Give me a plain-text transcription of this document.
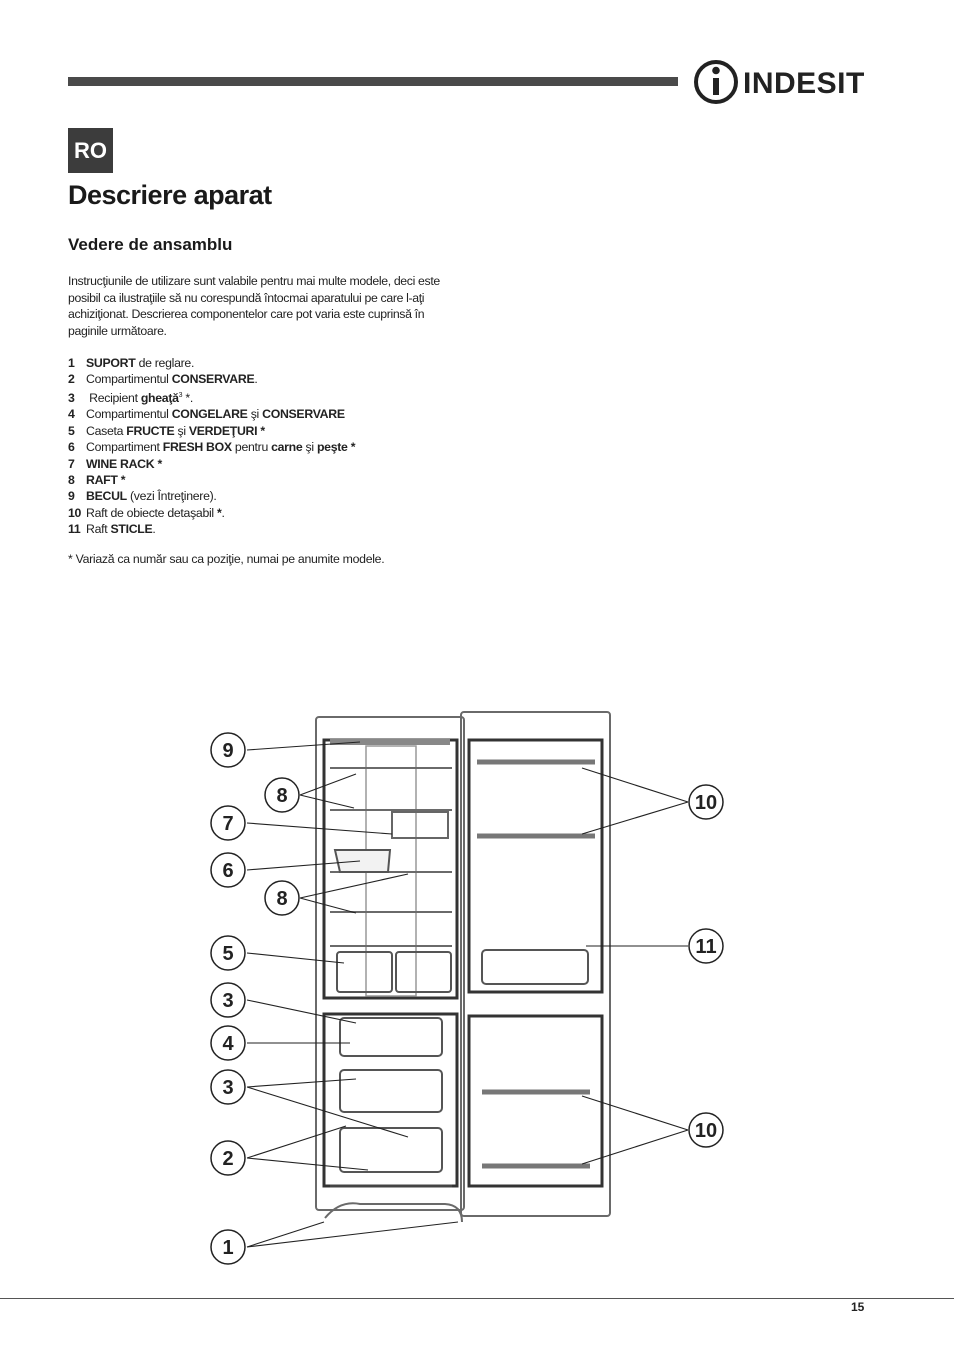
INDESIT
RO
Descriere aparat
Vedere de ansamblu

Instrucţiunile de utilizare sunt valabile pentru mai multe modele, deci este posibil ca ilustraţiile să nu corespundă întocmai aparatului pe care l-aţi achiziţionat. Descrierea componentelor care pot varia este cuprinsă în paginile următoare.

1 SUPORT de reglare.
2 Compartimentul CONSERVARE.
3 Recipient gheaţă$^3$ *.
4 Compartimentul CONGELARE şi CONSERVARE
5 Caseta FRUCTE şi VERDEŢURI *
6 Compartiment FRESH BOX pentru carne şi peşte *
7 WINE RACK *
8 RAFT *
9 BECUL (vezi Întreţinere).
10 Raft de obiecte detaşabil *.
11 Raft STICLE.

* Variază ca număr sau ca poziţie, numai pe anumite modele.

9
8
7
6
8
5
3
4
3
2
1
10
11
10
15
